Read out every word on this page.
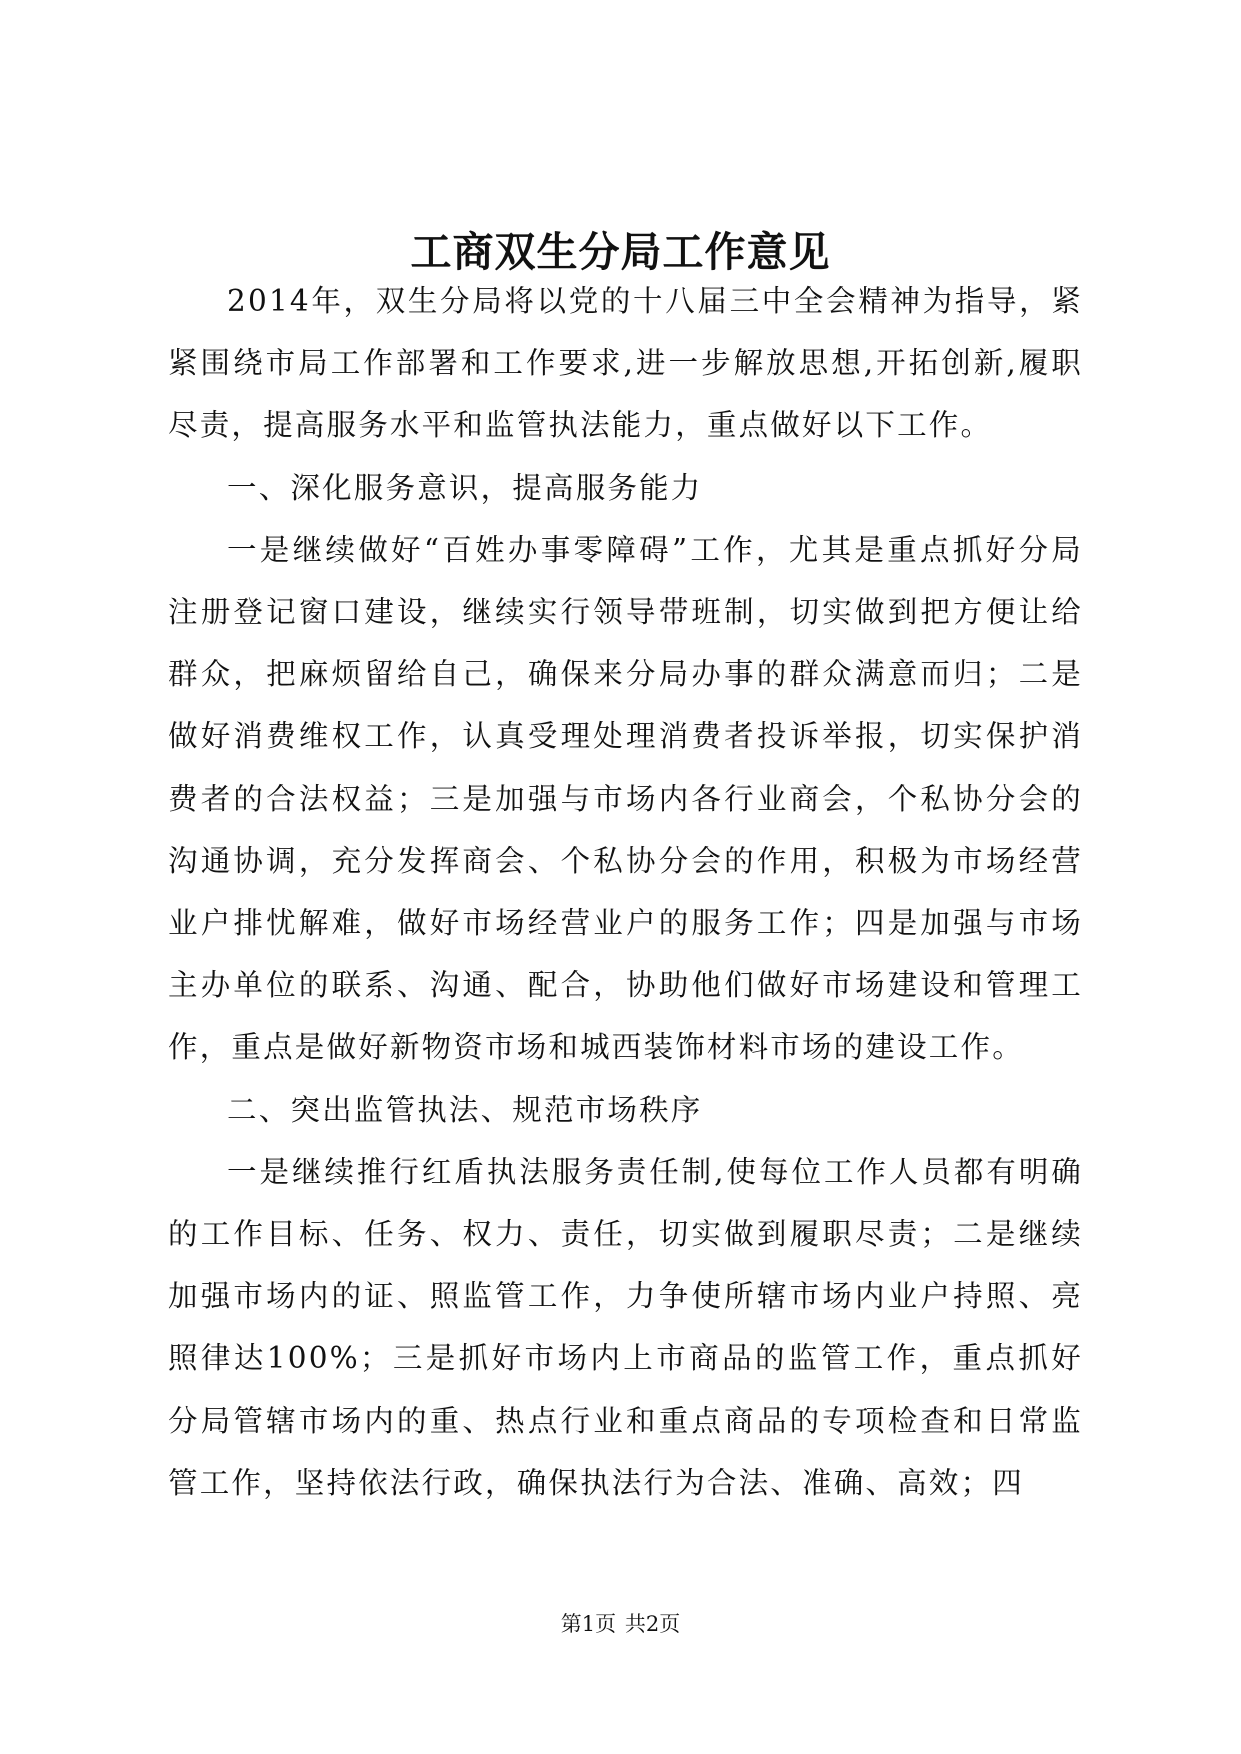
工商双生分局工作意见

2014年，双生分局将以党的十八届三中全会精神为指导，紧紧围绕市局工作部署和工作要求,进一步解放思想,开拓创新,履职尽责，提高服务水平和监管执法能力，重点做好以下工作。

一、深化服务意识，提高服务能力

一是继续做好“百姓办事零障碍”工作，尤其是重点抓好分局注册登记窗口建设，继续实行领导带班制，切实做到把方便让给群众，把麻烦留给自己，确保来分局办事的群众满意而归；二是做好消费维权工作，认真受理处理消费者投诉举报，切实保护消费者的合法权益；三是加强与市场内各行业商会，个私协分会的沟通协调，充分发挥商会、个私协分会的作用，积极为市场经营业户排忧解难，做好市场经营业户的服务工作；四是加强与市场主办单位的联系、沟通、配合，协助他们做好市场建设和管理工作，重点是做好新物资市场和城西装饰材料市场的建设工作。

二、突出监管执法、规范市场秩序

一是继续推行红盾执法服务责任制,使每位工作人员都有明确的工作目标、任务、权力、责任，切实做到履职尽责；二是继续加强市场内的证、照监管工作，力争使所辖市场内业户持照、亮照律达100%；三是抓好市场内上市商品的监管工作，重点抓好分局管辖市场内的重、热点行业和重点商品的专项检查和日常监管工作，坚持依法行政，确保执法行为合法、准确、高效；四

第1页 共2页
